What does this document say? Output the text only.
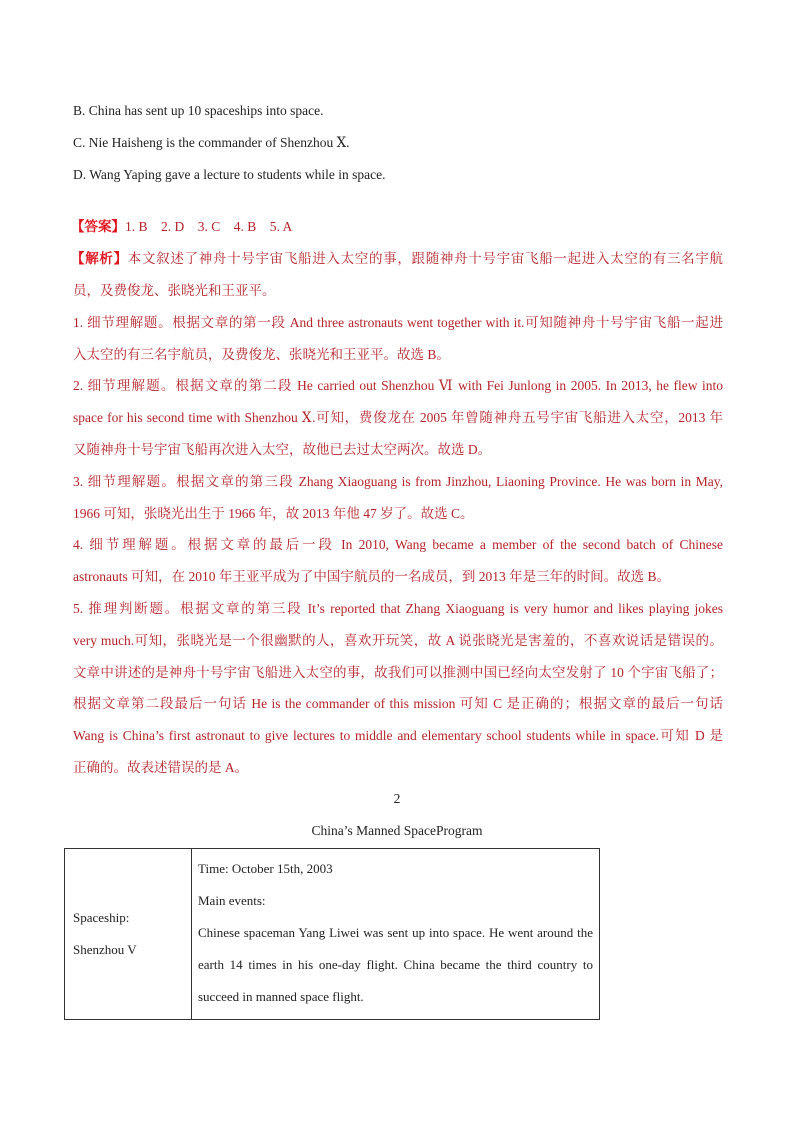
B. China has sent up 10 spaceships into space.
C. Nie Haisheng is the commander of Shenzhou Ⅹ.
D. Wang Yaping gave a lecture to students while in space.
【答案】1. B    2. D    3. C    4. B    5. A
【解析】本文叙述了神舟十号宇宙飞船进入太空的事，跟随神舟十号宇宙飞船一起进入太空的有三名宇航
员，及费俊龙、张晓光和王亚平。
1. 细节理解题。根据文章的第一段 And three astronauts went together with it.可知随神舟十号宇宙飞船一起进
入太空的有三名宇航员，及费俊龙、张晓光和王亚平。故选 B。
2. 细节理解题。根据文章的第二段 He carried out Shenzhou Ⅵ with Fei Junlong in 2005. In 2013, he flew into
space for his second time with Shenzhou Ⅹ.可知，费俊龙在 2005 年曾随神舟五号宇宙飞船进入太空，2013 年
又随神舟十号宇宙飞船再次进入太空，故他已去过太空两次。故选 D。
3. 细节理解题。根据文章的第三段 Zhang Xiaoguang is from Jinzhou, Liaoning Province. He was born in May,
1966 可知，张晓光出生于 1966 年，故 2013 年他 47 岁了。故选 C。
4. 细节理解题。根据文章的最后一段 In 2010, Wang became a member of the second batch of Chinese
astronauts 可知，在 2010 年王亚平成为了中国宇航员的一名成员，到 2013 年是三年的时间。故选 B。
5. 推理判断题。根据文章的第三段 It’s reported that Zhang Xiaoguang is very humor and likes playing jokes
very much.可知，张晓光是一个很幽默的人，喜欢开玩笑，故 A 说张晓光是害羞的，不喜欢说话是错误的。
文章中讲述的是神舟十号宇宙飞船进入太空的事，故我们可以推测中国已经向太空发射了 10 个宇宙飞船了；
根据文章第二段最后一句话 He is the commander of this mission 可知 C 是正确的；根据文章的最后一句话
Wang is China’s first astronaut to give lectures to middle and elementary school students while in space.可知 D 是
正确的。故表述错误的是 A。
2
China’s Manned SpaceProgram
Spaceship:
Shenzhou V

Time: October 15th, 2003
Main events:
Chinese spaceman Yang Liwei was sent up into space. He went around the earth 14 times in his one-day flight. China became the third country to succeed in manned space flight.
